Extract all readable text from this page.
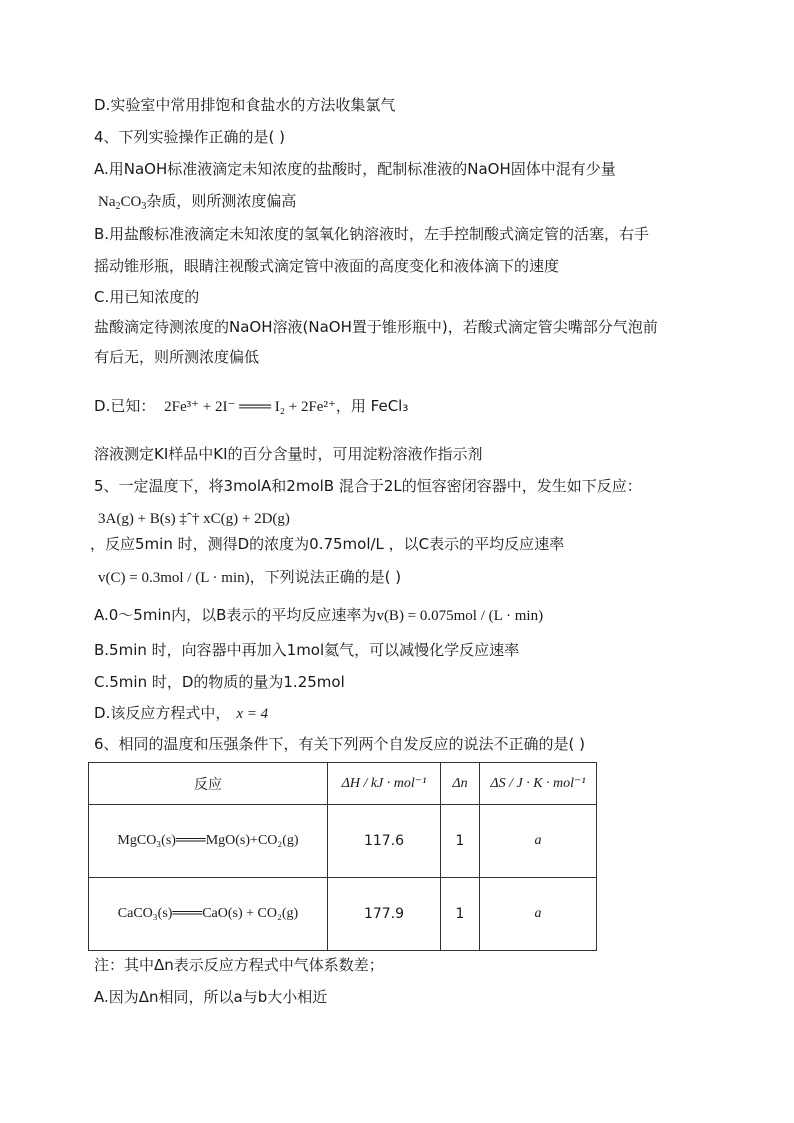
D.实验室中常用排饱和食盐水的方法收集氯气
4、下列实验操作正确的是( )
A.用NaOH标准液滴定未知浓度的盐酸时，配制标准液的NaOH固体中混有少量
$Na_2CO_3$杂质，则所测浓度偏高
B.用盐酸标准液滴定未知浓度的氢氧化钠溶液时，左手控制酸式滴定管的活塞，右手
摇动锥形瓶，眼睛注视酸式滴定管中液面的高度变化和液体滴下的速度
C.用已知浓度的
盐酸滴定待测浓度的NaOH溶液(NaOH置于锥形瓶中)，若酸式滴定管尖嘴部分气泡前
有后无，则所测浓度偏低
D.已知： 2Fe³⁺ + 2I⁻ ═══ I₂ + 2Fe²⁺，用 FeCl₃
溶液测定KI样品中KI的百分含量时，可用淀粉溶液作指示剂
5、一定温度下，将3molA和2molB 混合于2L的恒容密闭容器中，发生如下反应：
3A(g) + B(s) ‡ˆ† xC(g) + 2D(g)
，反应5min 时，测得D的浓度为0.75mol/L ，以C表示的平均反应速率
v(C) = 0.3mol / (L · min)，下列说法正确的是( )
A.0～5min内，以B表示的平均反应速率为v(B) = 0.075mol / (L · min)
B.5min 时，向容器中再加入1mol氦气，可以减慢化学反应速率
C.5min 时，D的物质的量为1.25mol
D.该反应方程式中， x = 4
6、相同的温度和压强条件下，有关下列两个自发反应的说法不正确的是( )
反应	ΔH / kJ · mol⁻¹	Δn	ΔS / J · K · mol⁻¹
MgCO₃(s)═══MgO(s)+CO₂(g)	117.6	1	a
CaCO₃(s)═══CaO(s) + CO₂(g)	177.9	1	a
注：其中Δn表示反应方程式中气体系数差；
A.因为Δn相同，所以a与b大小相近
